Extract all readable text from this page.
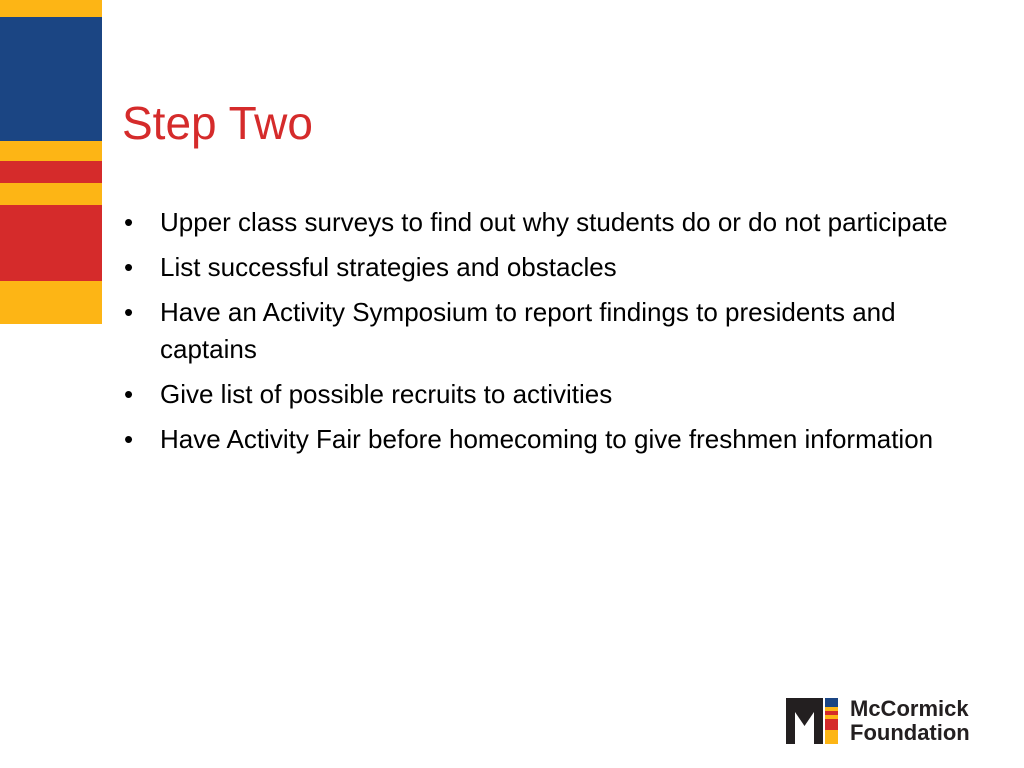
Step Two
• Upper class surveys to find out why students do or do not participate
• List successful strategies and obstacles
• Have an Activity Symposium to report findings to presidents and captains
• Give list of possible recruits to activities
• Have Activity Fair before homecoming to give freshmen information
McCormick
Foundation
